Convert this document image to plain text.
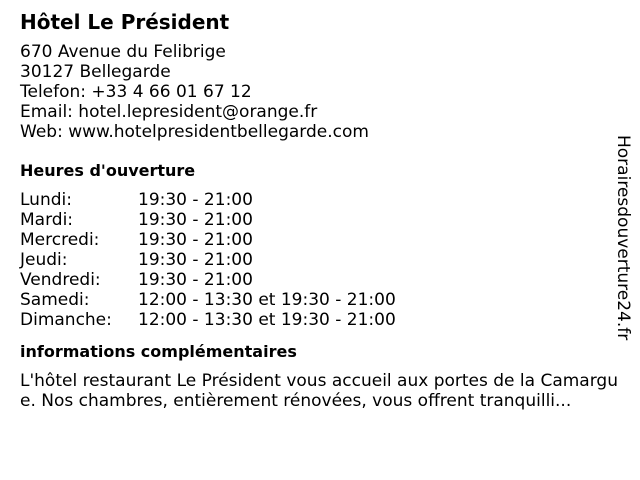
Hôtel Le Président
670 Avenue du Felibrige
30127 Bellegarde
Telefon: +33 4 66 01 67 12
Email: hotel.lepresident@orange.fr
Web: www.hotelpresidentbellegarde.com
Heures d'ouverture
Lundi:	19:30 - 21:00
Mardi:	19:30 - 21:00
Mercredi:	19:30 - 21:00
Jeudi:	19:30 - 21:00
Vendredi:	19:30 - 21:00
Samedi:	12:00 - 13:30 et 19:30 - 21:00
Dimanche:	12:00 - 13:30 et 19:30 - 21:00
informations complémentaires
L'hôtel restaurant Le Président vous accueil aux portes de la Camargue. Nos chambres, entièrement rénovées, vous offrent tranquilli...
Horairesdouverture24.fr
